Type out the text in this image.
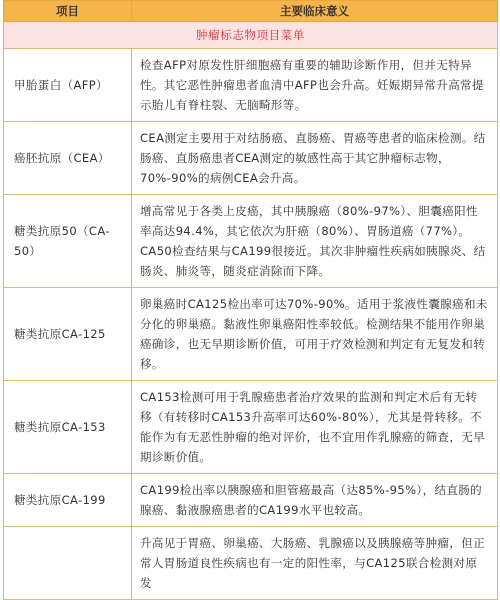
项目	主要临床意义
肿瘤标志物项目菜单	
甲胎蛋白（AFP）	检查AFP对原发性肝细胞癌有重要的辅助诊断作用，但并无特异性。其它恶性肿瘤患者血清中AFP也会升高。妊娠期异常升高常提示胎儿有脊柱裂、无脑畸形等。
癌胚抗原（CEA）	CEA测定主要用于对结肠癌、直肠癌、胃癌等患者的临床检测。结肠癌、直肠癌患者CEA测定的敏感性高于其它肿瘤标志物，70%-90%的病例CEA会升高。
糖类抗原50（CA-50）	增高常见于各类上皮癌，其中胰腺癌（80%-97%）、胆囊癌阳性率高达94.4%，其它依次为肝癌（80%）、胃肠道癌（77%）。CA50检查结果与CA199很接近。其次非肿瘤性疾病如胰腺炎、结肠炎、肺炎等，随炎症消除而下降。
糖类抗原CA-125	卵巢癌时CA125检出率可达70%-90%。适用于浆液性囊腺癌和未分化的卵巢癌。黏液性卵巢癌阳性率较低。检测结果不能用作卵巢癌确诊，也无早期诊断价值，可用于疗效检测和判定有无复发和转移。
糖类抗原CA-153	CA153检测可用于乳腺癌患者治疗效果的监测和判定术后有无转移（有转移时CA153升高率可达60%-80%），尤其是骨转移。不能作为有无恶性肿瘤的绝对评价，也不宜用作乳腺癌的筛查，无早期诊断价值。
糖类抗原CA-199	CA199检出率以胰腺癌和胆管癌最高（达85%-95%），结直肠的腺癌、黏液腺癌患者的CA199水平也较高。
	升高见于胃癌、卵巢癌、大肠癌、乳腺癌以及胰腺癌等肿瘤，但正常人胃肠道良性疾病也有一定的阳性率，与CA125联合检测对原发
